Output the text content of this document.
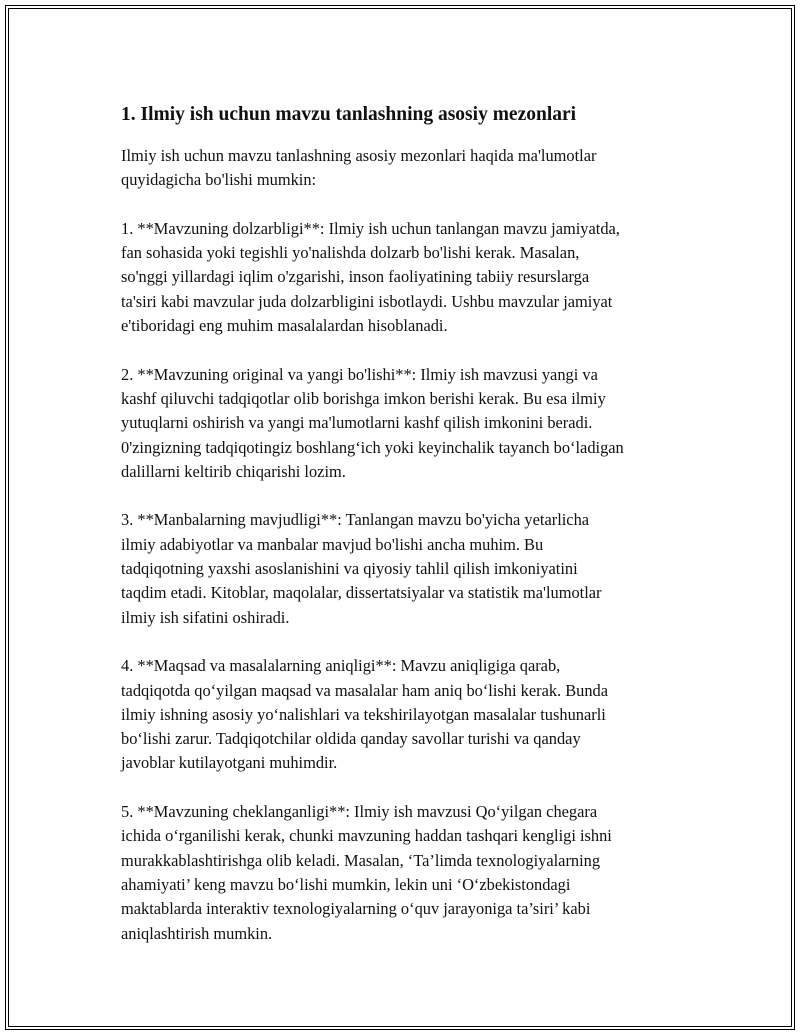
1. Ilmiy ish uchun mavzu tanlashning asosiy mezonlari
Ilmiy ish uchun mavzu tanlashning asosiy mezonlari haqida ma'lumotlar
quyidagicha bo'lishi mumkin:
1. **Mavzuning dolzarbligi**: Ilmiy ish uchun tanlangan mavzu jamiyatda,
fan sohasida yoki tegishli yo'nalishda dolzarb bo'lishi kerak. Masalan,
so'nggi yillardagi iqlim o'zgarishi, inson faoliyatining tabiiy resurslarga
ta'siri kabi mavzular juda dolzarbligini isbotlaydi. Ushbu mavzular jamiyat
e'tiboridagi eng muhim masalalardan hisoblanadi.
2. **Mavzuning original va yangi bo'lishi**: Ilmiy ish mavzusi yangi va
kashf qiluvchi tadqiqotlar olib borishga imkon berishi kerak. Bu esa ilmiy
yutuqlarni oshirish va yangi ma'lumotlarni kashf qilish imkonini beradi.
0'zingizning tadqiqotingiz boshlang‘ich yoki keyinchalik tayanch bo‘ladigan
dalillarni keltirib chiqarishi lozim.
3. **Manbalarning mavjudligi**: Tanlangan mavzu bo'yicha yetarlicha
ilmiy adabiyotlar va manbalar mavjud bo'lishi ancha muhim. Bu
tadqiqotning yaxshi asoslanishini va qiyosiy tahlil qilish imkoniyatini
taqdim etadi. Kitoblar, maqolalar, dissertatsiyalar va statistik ma'lumotlar
ilmiy ish sifatini oshiradi.
4. **Maqsad va masalalarning aniqligi**: Mavzu aniqligiga qarab,
tadqiqotda qo‘yilgan maqsad va masalalar ham aniq bo‘lishi kerak. Bunda
ilmiy ishning asosiy yo‘nalishlari va tekshirilayotgan masalalar tushunarli
bo‘lishi zarur. Tadqiqotchilar oldida qanday savollar turishi va qanday
javoblar kutilayotgani muhimdir.
5. **Mavzuning cheklanganligi**: Ilmiy ish mavzusi Qo‘yilgan chegara
ichida o‘rganilishi kerak, chunki mavzuning haddan tashqari kengligi ishni
murakkablashtirishga olib keladi. Masalan, ‘Ta’limda texnologiyalarning
ahamiyati’ keng mavzu bo‘lishi mumkin, lekin uni ‘O‘zbekistondagi
maktablarda interaktiv texnologiyalarning o‘quv jarayoniga ta’siri’ kabi
aniqlashtirish mumkin.
